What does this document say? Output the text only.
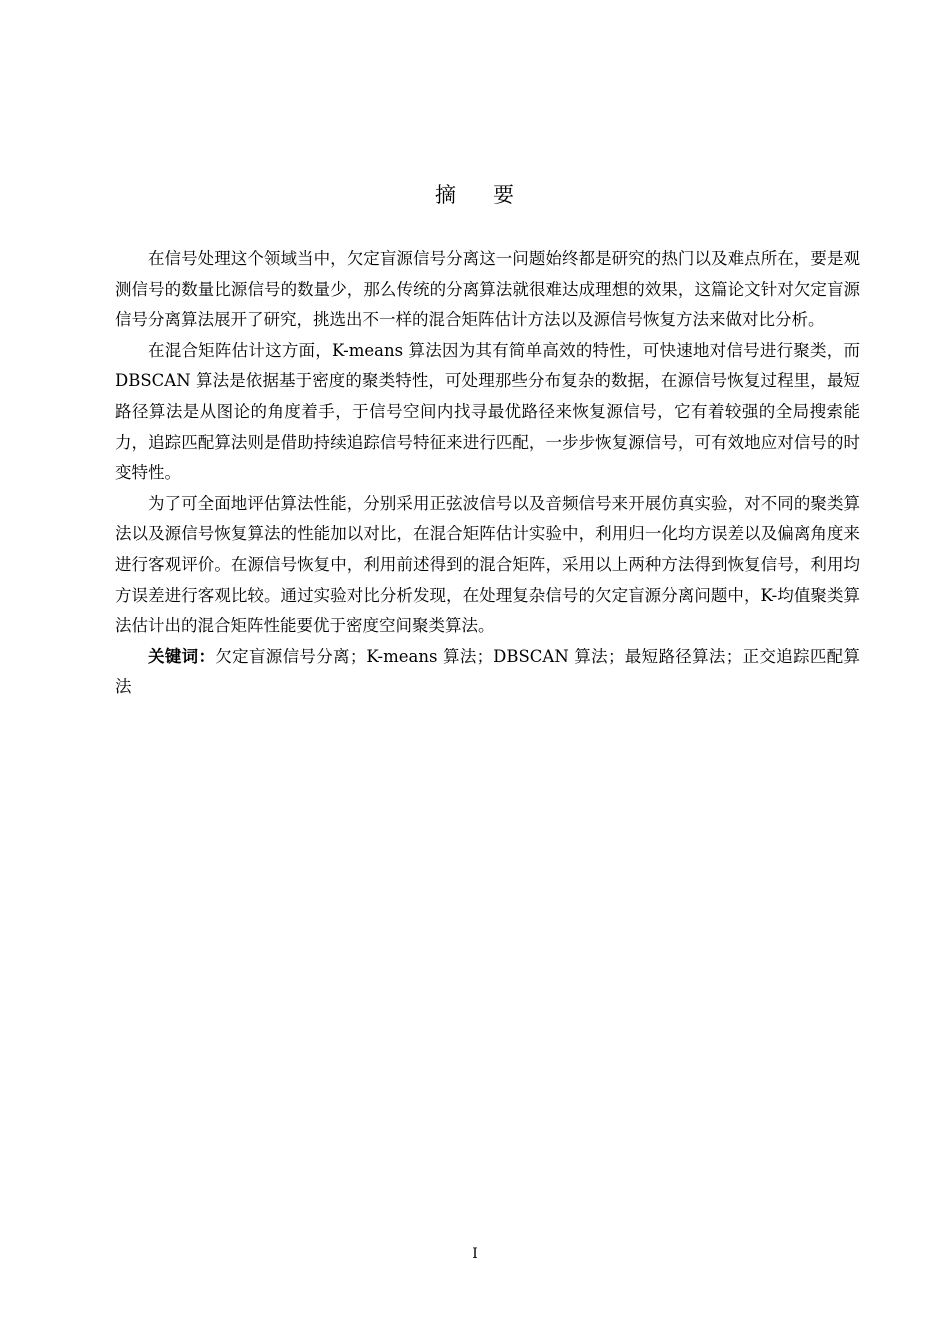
摘 要

在信号处理这个领域当中，欠定盲源信号分离这一问题始终都是研究的热门以及难点所在，要是观测信号的数量比源信号的数量少，那么传统的分离算法就很难达成理想的效果，这篇论文针对欠定盲源信号分离算法展开了研究，挑选出不一样的混合矩阵估计方法以及源信号恢复方法来做对比分析。

在混合矩阵估计这方面，K-means 算法因为其有简单高效的特性，可快速地对信号进行聚类，而 DBSCAN 算法是依据基于密度的聚类特性，可处理那些分布复杂的数据，在源信号恢复过程里，最短路径算法是从图论的角度着手，于信号空间内找寻最优路径来恢复源信号，它有着较强的全局搜索能力，追踪匹配算法则是借助持续追踪信号特征来进行匹配，一步步恢复源信号，可有效地应对信号的时变特性。

为了可全面地评估算法性能，分别采用正弦波信号以及音频信号来开展仿真实验，对不同的聚类算法以及源信号恢复算法的性能加以对比，在混合矩阵估计实验中，利用归一化均方误差以及偏离角度来进行客观评价。在源信号恢复中，利用前述得到的混合矩阵，采用以上两种方法得到恢复信号，利用均方误差进行客观比较。通过实验对比分析发现，在处理复杂信号的欠定盲源分离问题中，K-均值聚类算法估计出的混合矩阵性能要优于密度空间聚类算法。

关键词：欠定盲源信号分离；K-means 算法；DBSCAN 算法；最短路径算法；正交追踪匹配算法

I
